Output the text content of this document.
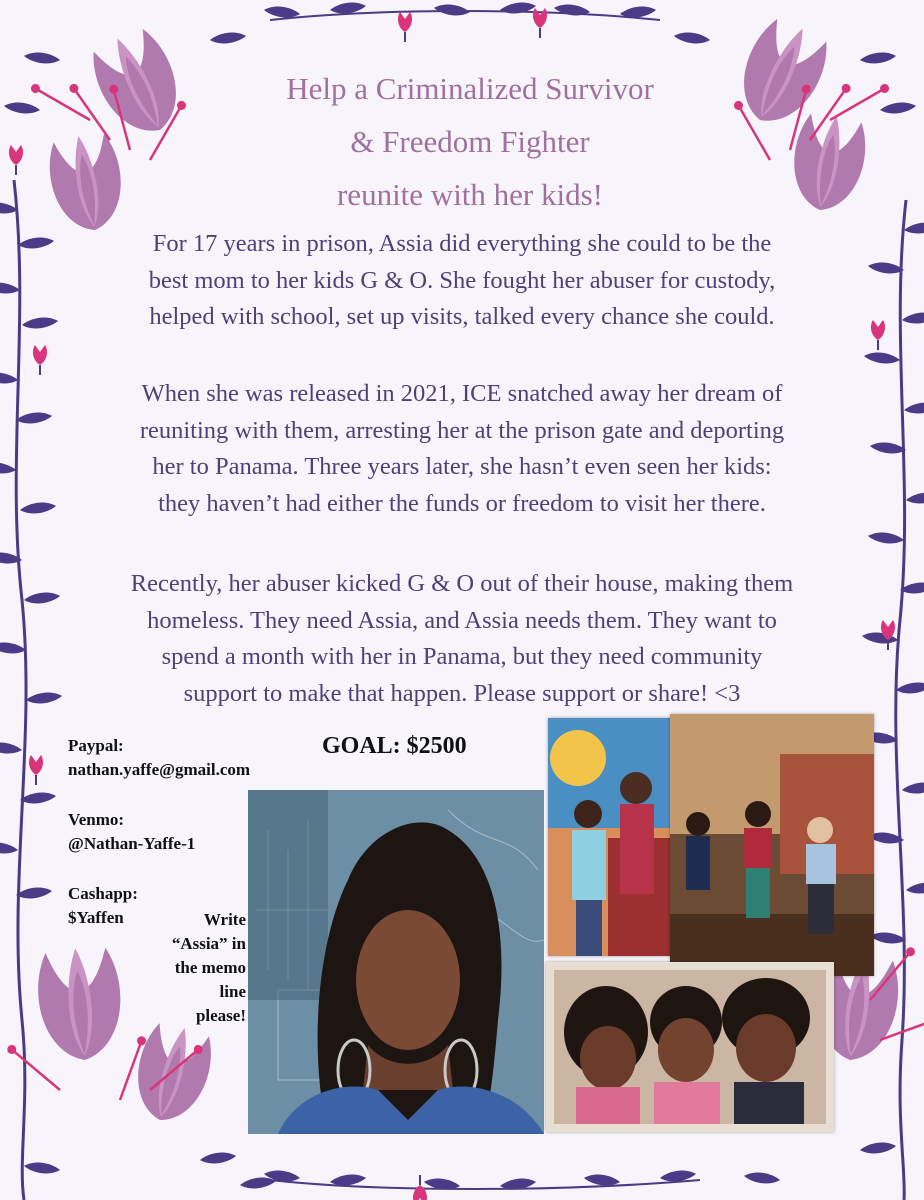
Help a Criminalized Survivor
& Freedom Fighter
reunite with her kids!
For 17 years in prison, Assia did everything she could to be the
best mom to her kids G & O. She fought her abuser for custody,
helped with school, set up visits, talked every chance she could.
When she was released in 2021, ICE snatched away her dream of
reuniting with them, arresting her at the prison gate and deporting
her to Panama. Three years later, she hasn’t even seen her kids:
they haven’t had either the funds or freedom to visit her there.
Recently, her abuser kicked G & O out of their house, making them
homeless. They need Assia, and Assia needs them. They want to
spend a month with her in Panama, but they need community
support to make that happen. Please support or share! <3
Paypal:
nathan.yaffe@gmail.com
Venmo:
@Nathan-Yaffe-1
Cashapp:
$Yaffen
GOAL: $2500
Write
“Assia” in
the memo
line
please!
